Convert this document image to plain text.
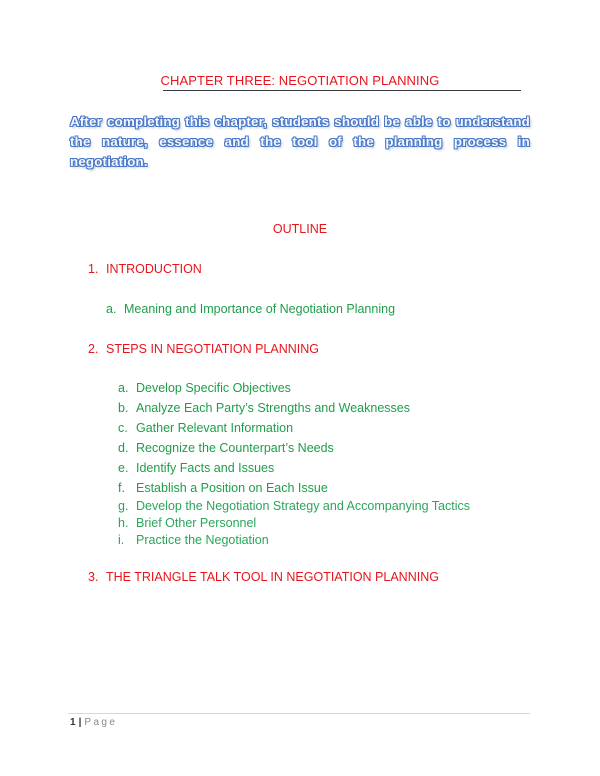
CHAPTER THREE: NEGOTIATION PLANNING
After completing this chapter, students should be able to understand the nature, essence and the tool of the planning process in negotiation.
OUTLINE
1. INTRODUCTION
a. Meaning and Importance of Negotiation Planning
2. STEPS IN NEGOTIATION PLANNING
a. Develop Specific Objectives
b. Analyze Each Party’s Strengths and Weaknesses
c. Gather Relevant Information
d. Recognize the Counterpart’s Needs
e. Identify Facts and Issues
f. Establish a Position on Each Issue
g. Develop the Negotiation Strategy and Accompanying Tactics
h. Brief Other Personnel
i. Practice the Negotiation
3. THE TRIANGLE TALK TOOL IN NEGOTIATION PLANNING
1 | Page
